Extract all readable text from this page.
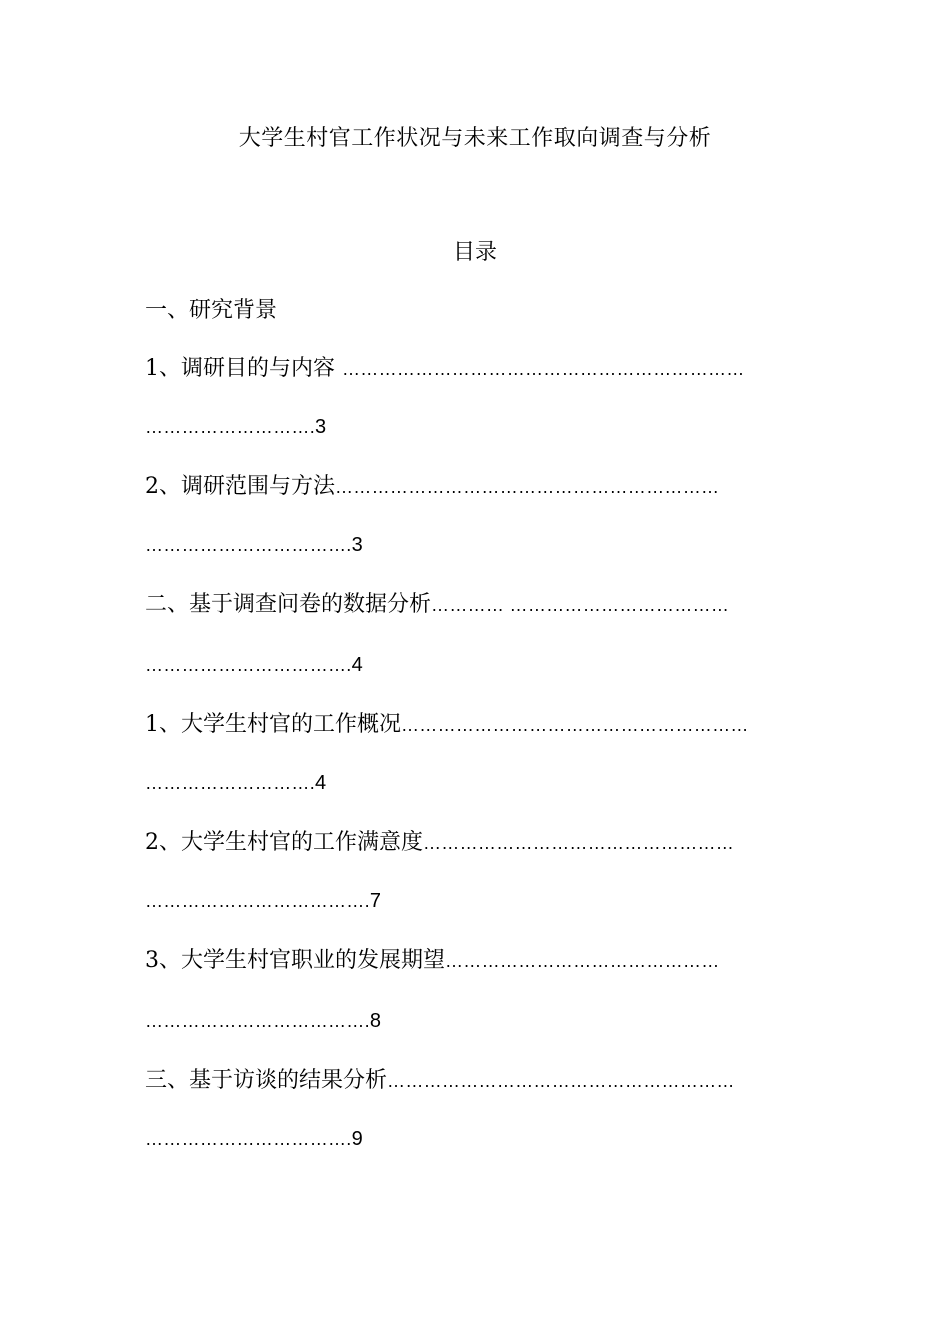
大学生村官工作状况与未来工作取向调查与分析
目录
一、研究背景
1、调研目的与内容 …………………………………………………………
……………………….3
2、调研范围与方法………………………………………………………
…………………………….3
二、基于调查问卷的数据分析………… ………………………………
…………………………….4
1、大学生村官的工作概况…………………………………………………
……………………….4
2、大学生村官的工作满意度……………………………………………
……………………………….7
3、大学生村官职业的发展期望………………………………………
……………………………….8
三、基于访谈的结果分析…………………………………………………
…………………………….9
